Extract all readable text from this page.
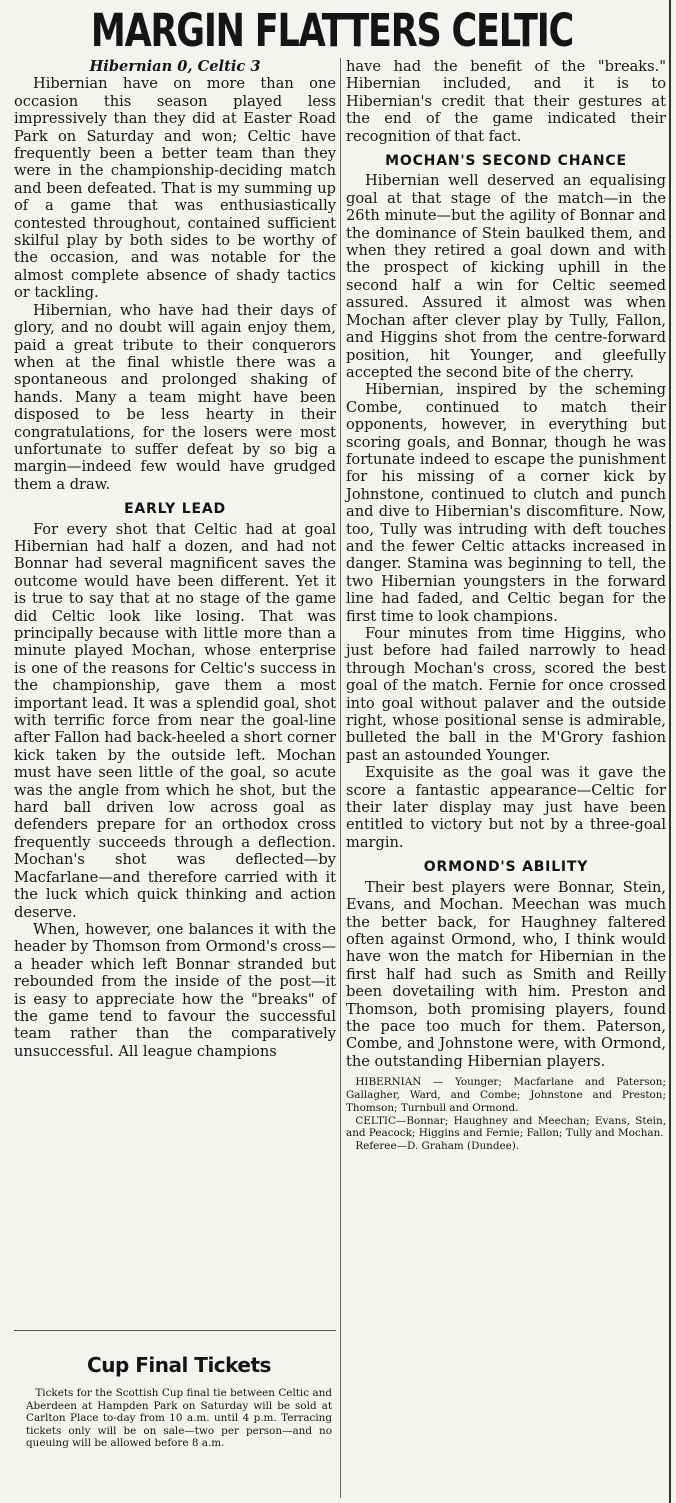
MARGIN FLATTERS CELTIC
Hibernian 0, Celtic 3

Hibernian have on more than one occasion this season played less impressively than they did at Easter Road Park on Saturday and won; Celtic have frequently been a better team than they were in the championship-deciding match and been defeated. That is my summing up of a game that was enthusiastically contested throughout, contained sufficient skilful play by both sides to be worthy of the occasion, and was notable for the almost complete absence of shady tactics or tackling.

Hibernian, who have had their days of glory, and no doubt will again enjoy them, paid a great tribute to their conquerors when at the final whistle there was a spontaneous and prolonged shaking of hands. Many a team might have been disposed to be less hearty in their congratulations, for the losers were most unfortunate to suffer defeat by so big a margin—indeed few would have grudged them a draw.

EARLY LEAD

For every shot that Celtic had at goal Hibernian had half a dozen, and had not Bonnar had several magnificent saves the outcome would have been different. Yet it is true to say that at no stage of the game did Celtic look like losing. That was principally because with little more than a minute played Mochan, whose enterprise is one of the reasons for Celtic's success in the championship, gave them a most important lead. It was a splendid goal, shot with terrific force from near the goal-line after Fallon had back-heeled a short corner kick taken by the outside left. Mochan must have seen little of the goal, so acute was the angle from which he shot, but the hard ball driven low across goal as defenders prepare for an orthodox cross frequently succeeds through a deflection. Mochan's shot was deflected—by Macfarlane—and therefore carried with it the luck which quick thinking and action deserve.

When, however, one balances it with the header by Thomson from Ormond's cross—a header which left Bonnar stranded but rebounded from the inside of the post—it is easy to appreciate how the "breaks" of the game tend to favour the successful team rather than the comparatively unsuccessful. All league champions

Cup Final Tickets

Tickets for the Scottish Cup final tie between Celtic and Aberdeen at Hampden Park on Saturday will be sold at Carlton Place to-day from 10 a.m. until 4 p.m. Terracing tickets only will be on sale—two per person—and no queuing will be allowed before 8 a.m.

have had the benefit of the "breaks." Hibernian included, and it is to Hibernian's credit that their gestures at the end of the game indicated their recognition of that fact.

MOCHAN'S SECOND CHANCE

Hibernian well deserved an equalising goal at that stage of the match—in the 26th minute—but the agility of Bonnar and the dominance of Stein baulked them, and when they retired a goal down and with the prospect of kicking uphill in the second half a win for Celtic seemed assured. Assured it almost was when Mochan after clever play by Tully, Fallon, and Higgins shot from the centre-forward position, hit Younger, and gleefully accepted the second bite of the cherry.

Hibernian, inspired by the scheming Combe, continued to match their opponents, however, in everything but scoring goals, and Bonnar, though he was fortunate indeed to escape the punishment for his missing of a corner kick by Johnstone, continued to clutch and punch and dive to Hibernian's discomfiture. Now, too, Tully was intruding with deft touches and the fewer Celtic attacks increased in danger. Stamina was beginning to tell, the two Hibernian youngsters in the forward line had faded, and Celtic began for the first time to look champions.

Four minutes from time Higgins, who just before had failed narrowly to head through Mochan's cross, scored the best goal of the match. Fernie for once crossed into goal without palaver and the outside right, whose positional sense is admirable, bulleted the ball in the M'Grory fashion past an astounded Younger.

Exquisite as the goal was it gave the score a fantastic appearance—Celtic for their later display may just have been entitled to victory but not by a three-goal margin.

ORMOND'S ABILITY

Their best players were Bonnar, Stein, Evans, and Mochan. Meechan was much the better back, for Haughney faltered often against Ormond, who, I think would have won the match for Hibernian in the first half had such as Smith and Reilly been dovetailing with him. Preston and Thomson, both promising players, found the pace too much for them. Paterson, Combe, and Johnstone were, with Ormond, the outstanding Hibernian players.

HIBERNIAN — Younger; Macfarlane and Paterson; Gallagher, Ward, and Combe; Johnstone and Preston; Thomson; Turnbull and Ormond.

CELTIC—Bonnar; Haughney and Meechan; Evans, Stein, and Peacock; Higgins and Fernie; Fallon; Tully and Mochan.

Referee—D. Graham (Dundee).
